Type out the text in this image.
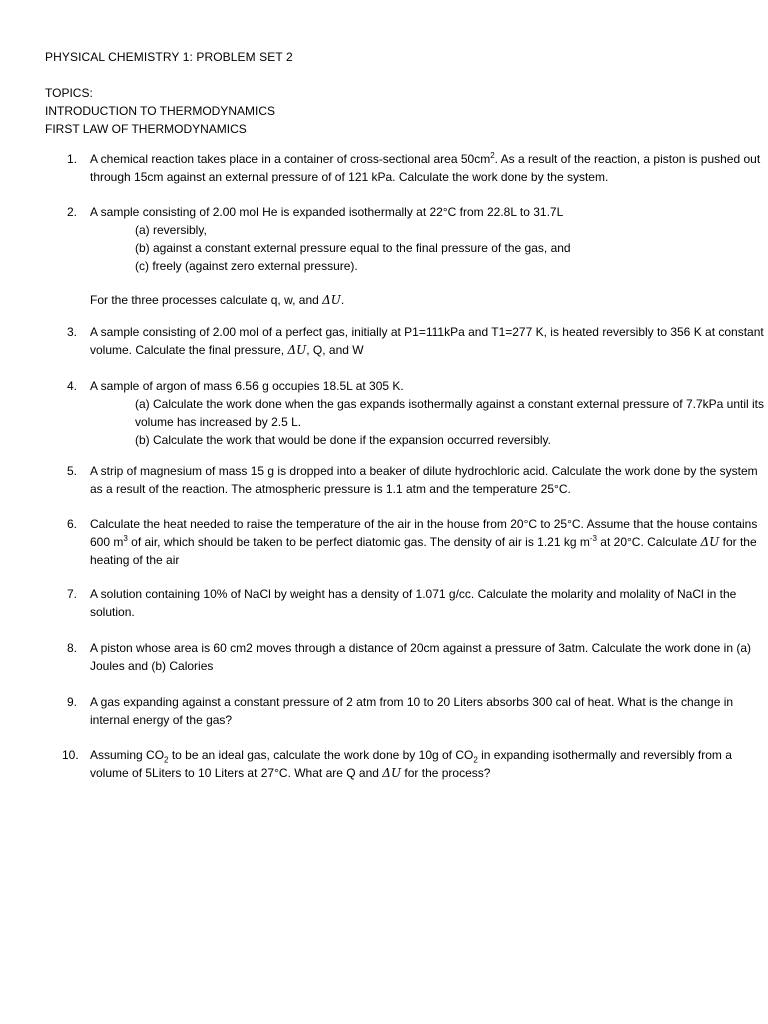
PHYSICAL CHEMISTRY 1: PROBLEM SET 2
TOPICS:
INTRODUCTION TO THERMODYNAMICS
FIRST LAW OF THERMODYNAMICS
1. A chemical reaction takes place in a container of cross-sectional area $50cm^2$. As a result of the reaction, a piston is pushed out through 15cm against an external pressure of of 121 kPa. Calculate the work done by the system.
2. A sample consisting of 2.00 mol He is expanded isothermally at 22°C from 22.8L to 31.7L
(a) reversibly,
(b) against a constant external pressure equal to the final pressure of the gas, and
(c) freely (against zero external pressure).
For the three processes calculate q, w, and ΔU.
3. A sample consisting of 2.00 mol of a perfect gas, initially at P1=111kPa and T1=277 K, is heated reversibly to 356 K at constant volume. Calculate the final pressure, ΔU, Q, and W
4. A sample of argon of mass 6.56 g occupies 18.5L at 305 K.
(a) Calculate the work done when the gas expands isothermally against a constant external pressure of 7.7kPa until its volume has increased by 2.5 L.
(b) Calculate the work that would be done if the expansion occurred reversibly.
5. A strip of magnesium of mass 15 g is dropped into a beaker of dilute hydrochloric acid. Calculate the work done by the system as a result of the reaction. The atmospheric pressure is 1.1 atm and the temperature 25°C.
6. Calculate the heat needed to raise the temperature of the air in the house from 20°C to 25°C. Assume that the house contains 600 $m^3$ of air, which should be taken to be perfect diatomic gas. The density of air is 1.21 kg $m^{-3}$ at 20°C. Calculate ΔU for the heating of the air
7. A solution containing 10% of NaCl by weight has a density of 1.071 g/cc. Calculate the molarity and molality of NaCl in the solution.
8. A piston whose area is 60 cm2 moves through a distance of 20cm against a pressure of 3atm. Calculate the work done in (a) Joules and (b) Calories
9. A gas expanding against a constant pressure of 2 atm from 10 to 20 Liters absorbs 300 cal of heat. What is the change in internal energy of the gas?
10. Assuming $CO_2$ to be an ideal gas, calculate the work done by 10g of $CO_2$ in expanding isothermally and reversibly from a volume of 5Liters to 10 Liters at 27°C. What are Q and ΔU for the process?
